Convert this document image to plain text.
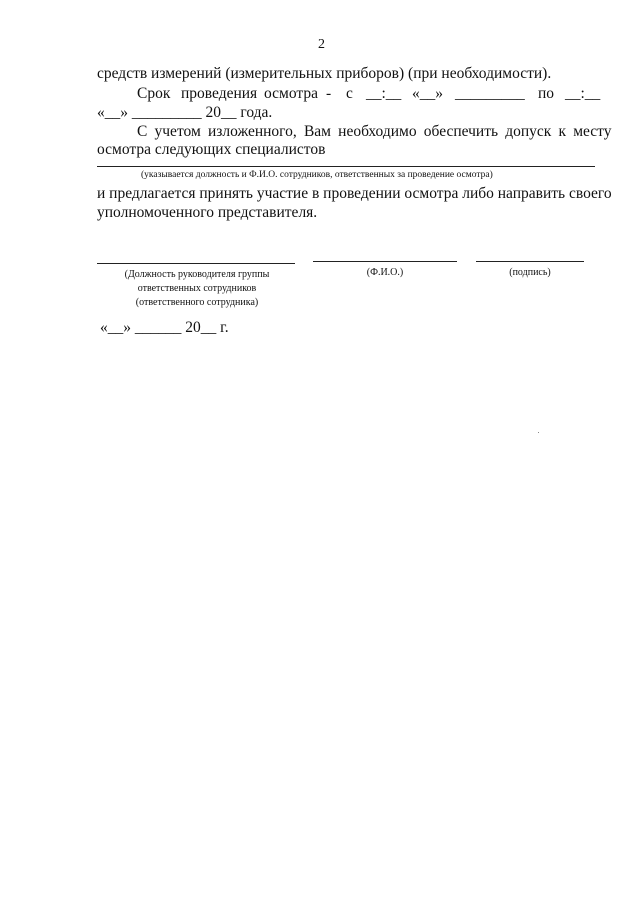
2
средств измерений (измерительных приборов) (при необходимости).
Срок проведения осмотра - с __:__ «__» _________ по __:__
«__» _________ 20__ года.
С учетом изложенного, Вам необходимо обеспечить допуск к месту
осмотра следующих специалистов
(указывается должность и Ф.И.О. сотрудников, ответственных за проведение осмотра)
и предлагается принять участие в проведении осмотра либо направить своего
уполномоченного представителя.
(Должность руководителя группы ответственных сотрудников (ответственного сотрудника)
(Ф.И.О.)	(подпись)
«__» ______ 20__ г.
